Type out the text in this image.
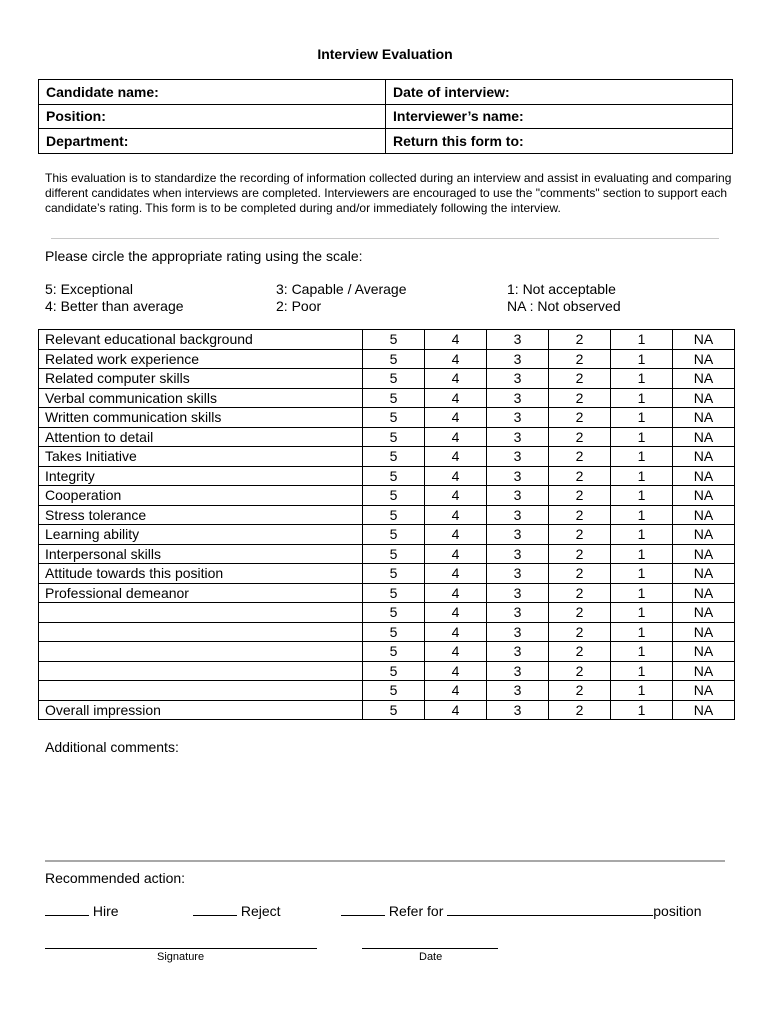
Interview Evaluation
Candidate name:	Date of interview:
Position:	Interviewer’s name:
Department:	Return this form to:
This evaluation is to standardize the recording of information collected during an interview and assist in evaluating and comparing different candidates when interviews are completed. Interviewers are encouraged to use the "comments" section to support each candidate’s rating. This form is to be completed during and/or immediately following the interview.
Please circle the appropriate rating using the scale:
5: Exceptional
4: Better than average
3: Capable / Average
2: Poor
1: Not acceptable
NA : Not observed
Relevant educational background	5	4	3	2	1	NA
Related work experience	5	4	3	2	1	NA
Related computer skills	5	4	3	2	1	NA
Verbal communication skills	5	4	3	2	1	NA
Written communication skills	5	4	3	2	1	NA
Attention to detail	5	4	3	2	1	NA
Takes Initiative	5	4	3	2	1	NA
Integrity	5	4	3	2	1	NA
Cooperation	5	4	3	2	1	NA
Stress tolerance	5	4	3	2	1	NA
Learning ability	5	4	3	2	1	NA
Interpersonal skills	5	4	3	2	1	NA
Attitude towards this position	5	4	3	2	1	NA
Professional demeanor	5	4	3	2	1	NA
	5	4	3	2	1	NA
	5	4	3	2	1	NA
	5	4	3	2	1	NA
	5	4	3	2	1	NA
	5	4	3	2	1	NA
Overall impression	5	4	3	2	1	NA
Additional comments:
Recommended action:
Hire	Reject	Refer for	position
Signature	Date
